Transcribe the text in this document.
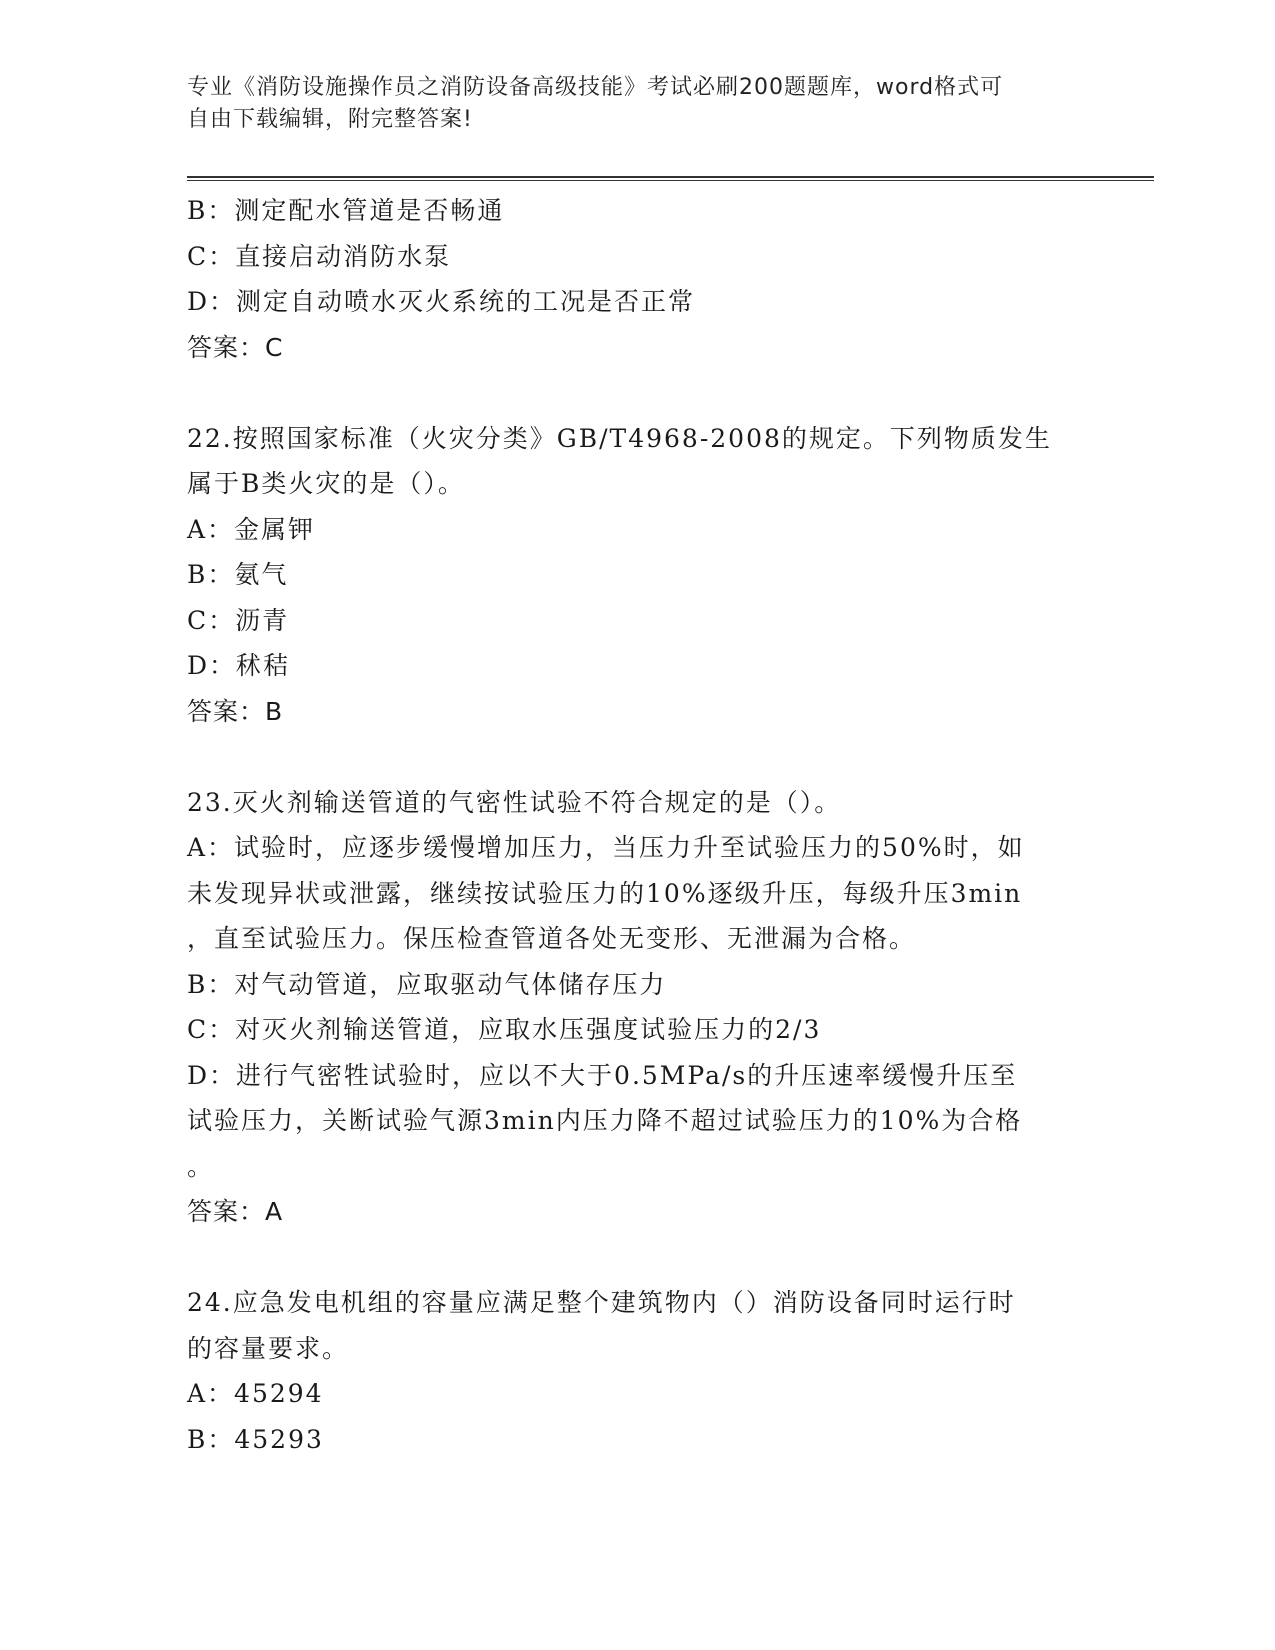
专业《消防设施操作员之消防设备高级技能》考试必刷200题题库，word格式可
自由下载编辑，附完整答案!
B：测定配水管道是否畅通
C：直接启动消防水泵
D：测定自动喷水灭火系统的工况是否正常
答案：C
22.按照国家标准（火灾分类》GB/T4968-2008的规定。下列物质发生
属于B类火灾的是（）。
A：金属钾
B：氨气
C：沥青
D：秫秸
答案：B
23.灭火剂输送管道的气密性试验不符合规定的是（）。
A：试验时，应逐步缓慢增加压力，当压力升至试验压力的50%时，如
未发现异状或泄露，继续按试验压力的10%逐级升压，每级升压3min
，直至试验压力。保压检查管道各处无变形、无泄漏为合格。
B：对气动管道，应取驱动气体储存压力
C：对灭火剂输送管道，应取水压强度试验压力的2/3
D：进行气密牲试验时，应以不大于0.5MPa/s的升压速率缓慢升压至
试验压力，关断试验气源3min内压力降不超过试验压力的10%为合格
。
答案：A
24.应急发电机组的容量应满足整个建筑物内（）消防设备同时运行时
的容量要求。
A：45294
B：45293
